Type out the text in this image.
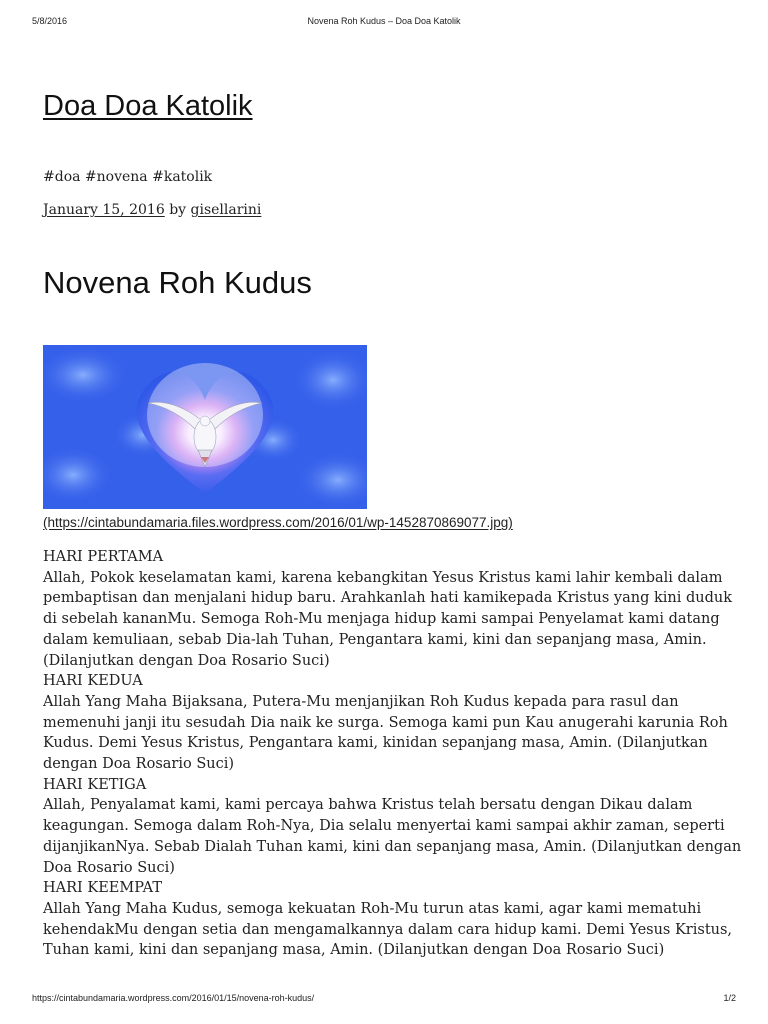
5/8/2016	Novena Roh Kudus – Doa Doa Katolik
Doa Doa Katolik
#doa #novena #katolik
January 15, 2016 by gisellarini
Novena Roh Kudus
(https://cintabundamaria.files.wordpress.com/2016/01/wp-1452870869077.jpg)
HARI PERTAMA
Allah, Pokok keselamatan kami, karena kebangkitan Yesus Kristus kami lahir kembali dalam
pembaptisan dan menjalani hidup baru. Arahkanlah hati kamikepada Kristus yang kini duduk
di sebelah kananMu. Semoga Roh-Mu menjaga hidup kami sampai Penyelamat kami datang
dalam kemuliaan, sebab Dia-lah Tuhan, Pengantara kami, kini dan sepanjang masa, Amin.
(Dilanjutkan dengan Doa Rosario Suci)
HARI KEDUA
Allah Yang Maha Bijaksana, Putera-Mu menjanjikan Roh Kudus kepada para rasul dan
memenuhi janji itu sesudah Dia naik ke surga. Semoga kami pun Kau anugerahi karunia Roh
Kudus. Demi Yesus Kristus, Pengantara kami, kinidan sepanjang masa, Amin. (Dilanjutkan
dengan Doa Rosario Suci)
HARI KETIGA
Allah, Penyalamat kami, kami percaya bahwa Kristus telah bersatu dengan Dikau dalam
keagungan. Semoga dalam Roh-Nya, Dia selalu menyertai kami sampai akhir zaman, seperti
dijanjikanNya. Sebab Dialah Tuhan kami, kini dan sepanjang masa, Amin. (Dilanjutkan dengan
Doa Rosario Suci)
HARI KEEMPAT
Allah Yang Maha Kudus, semoga kekuatan Roh-Mu turun atas kami, agar kami mematuhi
kehendakMu dengan setia dan mengamalkannya dalam cara hidup kami. Demi Yesus Kristus,
Tuhan kami, kini dan sepanjang masa, Amin. (Dilanjutkan dengan Doa Rosario Suci)
https://cintabundamaria.wordpress.com/2016/01/15/novena-roh-kudus/	1/2
